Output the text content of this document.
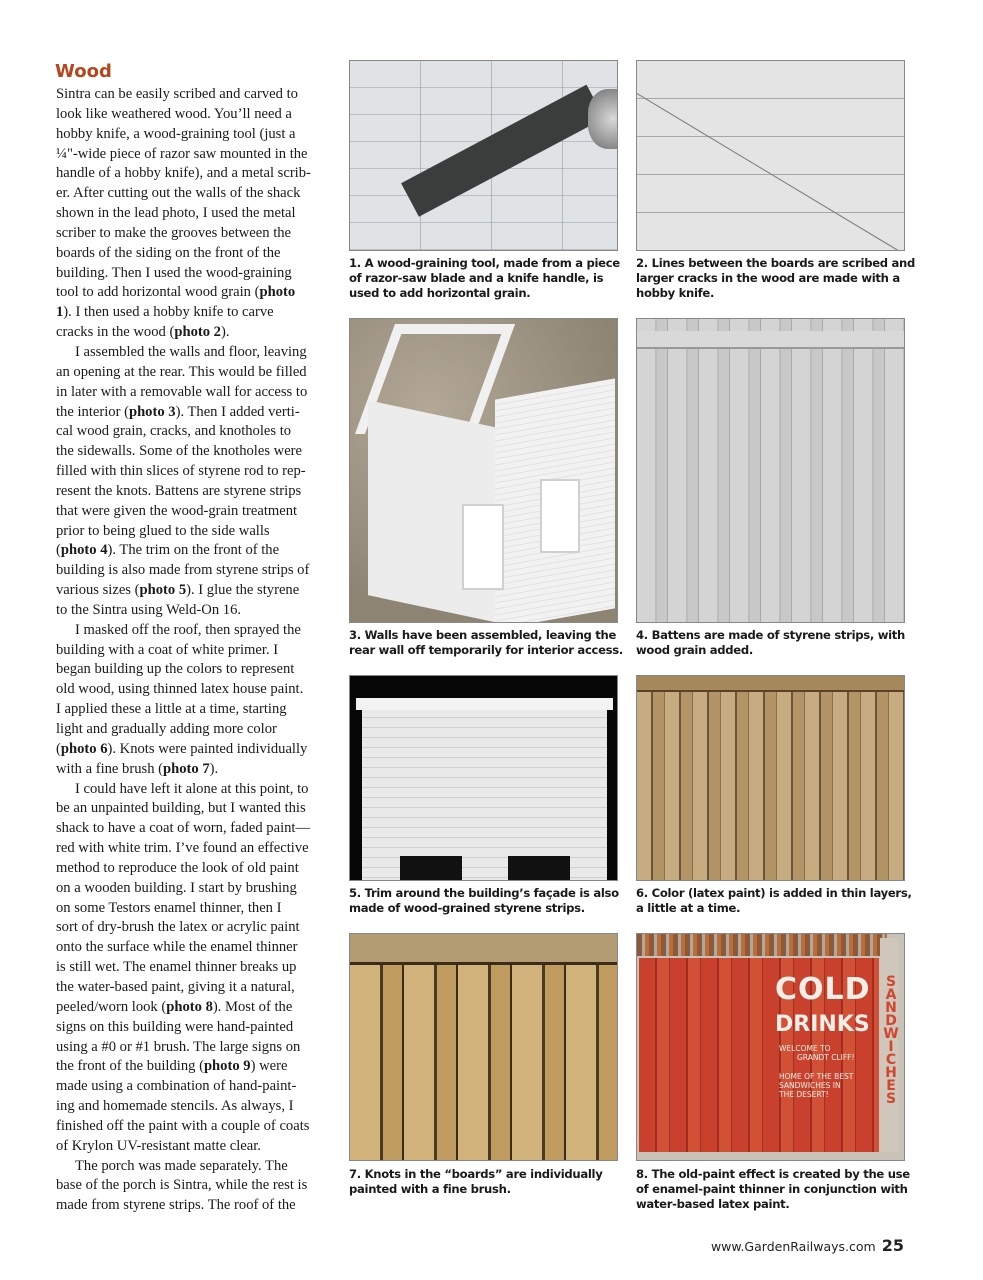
Wood
Sintra can be easily scribed and carved to
look like weathered wood. You’ll need a
hobby knife, a wood-graining tool (just a
¼"-wide piece of razor saw mounted in the
handle of a hobby knife), and a metal scrib-
er. After cutting out the walls of the shack
shown in the lead photo, I used the metal
scriber to make the grooves between the
boards of the siding on the front of the
building. Then I used the wood-graining
tool to add horizontal wood grain (photo
1). I then used a hobby knife to carve
cracks in the wood (photo 2).
I assembled the walls and floor, leaving
an opening at the rear. This would be filled
in later with a removable wall for access to
the interior (photo 3). Then I added verti-
cal wood grain, cracks, and knotholes to
the sidewalls. Some of the knotholes were
filled with thin slices of styrene rod to rep-
resent the knots. Battens are styrene strips
that were given the wood-grain treatment
prior to being glued to the side walls
(photo 4). The trim on the front of the
building is also made from styrene strips of
various sizes (photo 5). I glue the styrene
to the Sintra using Weld-On 16.
I masked off the roof, then sprayed the
building with a coat of white primer. I
began building up the colors to represent
old wood, using thinned latex house paint.
I applied these a little at a time, starting
light and gradually adding more color
(photo 6). Knots were painted individually
with a fine brush (photo 7).
I could have left it alone at this point, to
be an unpainted building, but I wanted this
shack to have a coat of worn, faded paint—
red with white trim. I’ve found an effective
method to reproduce the look of old paint
on a wooden building. I start by brushing
on some Testors enamel thinner, then I
sort of dry-brush the latex or acrylic paint
onto the surface while the enamel thinner
is still wet. The enamel thinner breaks up
the water-based paint, giving it a natural,
peeled/worn look (photo 8). Most of the
signs on this building were hand-painted
using a #0 or #1 brush. The large signs on
the front of the building (photo 9) were
made using a combination of hand-paint-
ing and homemade stencils. As always, I
finished off the paint with a couple of coats
of Krylon UV-resistant matte clear.
The porch was made separately. The
base of the porch is Sintra, while the rest is
made from styrene strips. The roof of the
1. A wood-graining tool, made from a piece
of razor-saw blade and a knife handle, is
used to add horizontal grain.
2. Lines between the boards are scribed and
larger cracks in the wood are made with a
hobby knife.
3. Walls have been assembled, leaving the
rear wall off temporarily for interior access.
4. Battens are made of styrene strips, with
wood grain added.
5. Trim around the building’s façade is also
made of wood-grained styrene strips.
6. Color (latex paint) is added in thin layers,
a little at a time.
7. Knots in the “boards” are individually
painted with a fine brush.
COLD
DRINKS
WELCOME TO
GRANDT CLIFF!
HOME OF THE BEST
SANDWICHES IN
THE DESERT!	SANDWICHES
8. The old-paint effect is created by the use
of enamel-paint thinner in conjunction with
water-based latex paint.
www.GardenRailways.com 25
